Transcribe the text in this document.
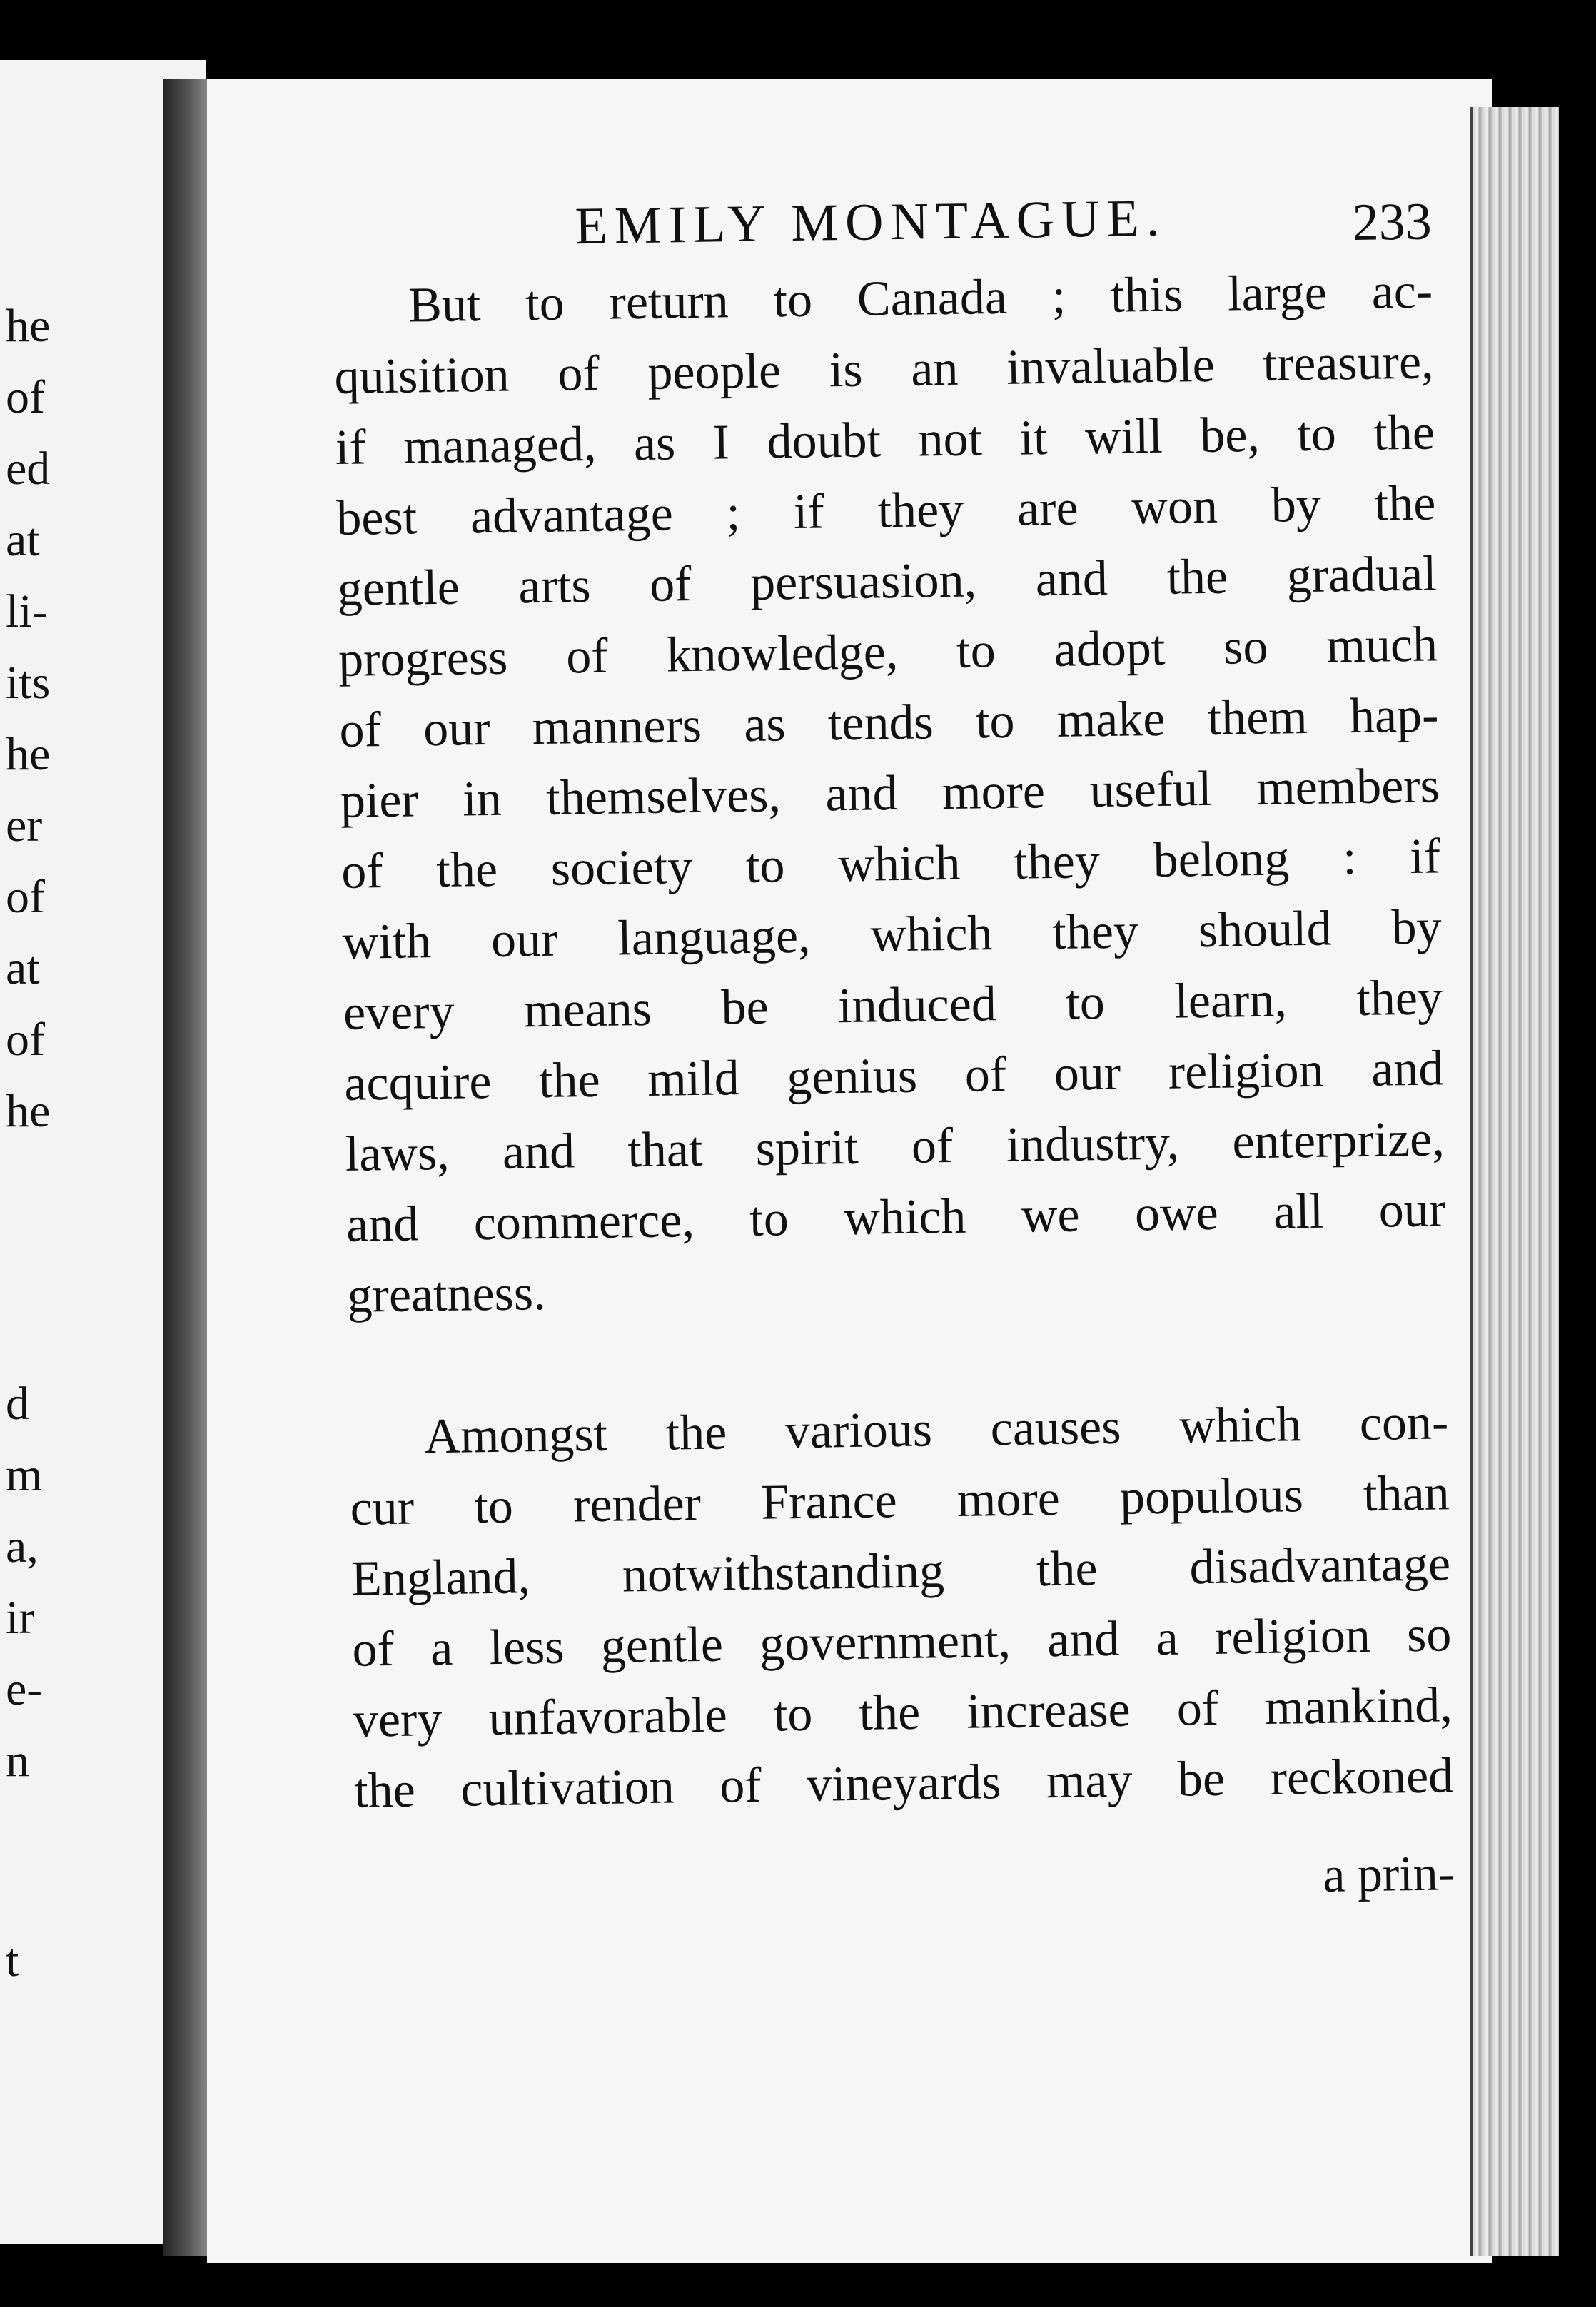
he
of
ed
at
li-
its
he
er
of
at
of
he
d
m
a,
ir
e-
n
t
EMILY MONTAGUE.	233
But to return to Canada ; this large ac-
quisition of people is an invaluable treasure,
if managed, as I doubt not it will be, to the
best advantage ; if they are won by the
gentle arts of persuasion, and the gradual
progress of knowledge, to adopt so much
of our manners as tends to make them hap-
pier in themselves, and more useful members
of the society to which they belong : if
with our language, which they should by
every means be induced to learn, they
acquire the mild genius of our religion and
laws, and that spirit of industry, enterprize,
and commerce, to which we owe all our
greatness.
Amongst the various causes which con-
cur to render France more populous than
England, notwithstanding the disadvantage
of a less gentle government, and a religion so
very unfavorable to the increase of mankind,
the cultivation of vineyards may be reckoned
a prin-
